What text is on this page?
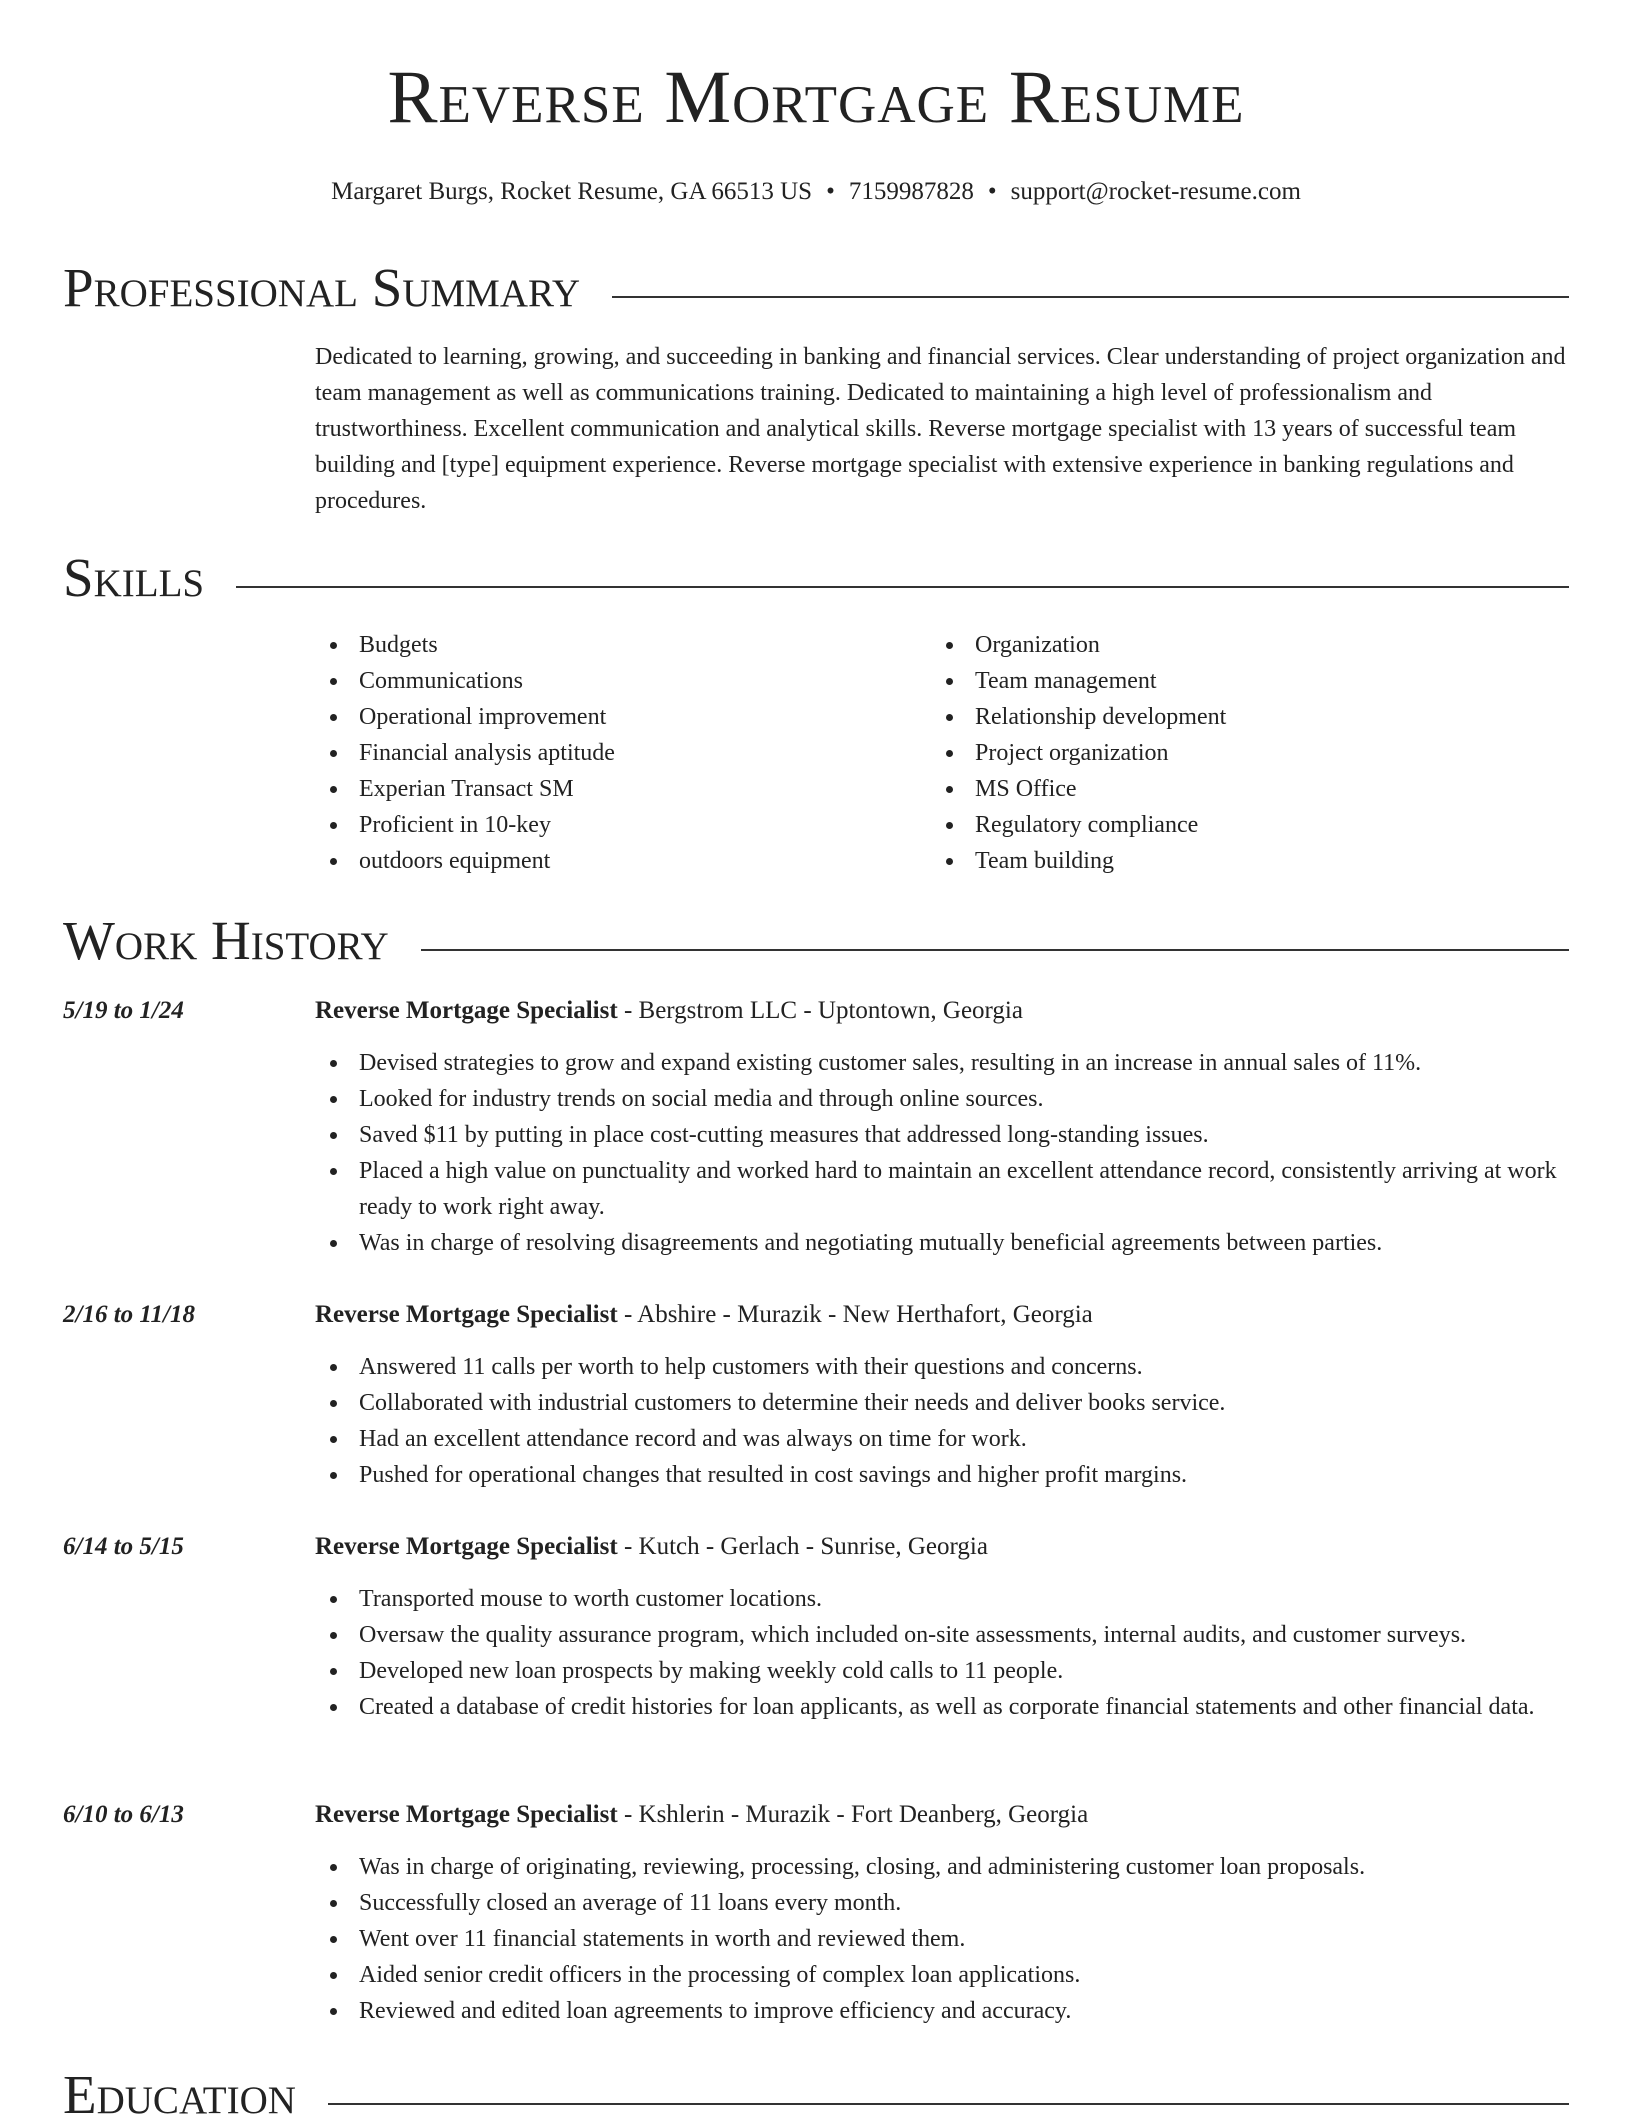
Reverse Mortgage Resume
Margaret Burgs, Rocket Resume, GA 66513 US • 7159987828 • support@rocket-resume.com
Professional Summary

Dedicated to learning, growing, and succeeding in banking and financial services. Clear understanding of project organization and team management as well as communications training. Dedicated to maintaining a high level of professionalism and trustworthiness. Excellent communication and analytical skills. Reverse mortgage specialist with 13 years of successful team building and [type] equipment experience. Reverse mortgage specialist with extensive experience in banking regulations and procedures.

Skills
Budgets
Communications
Operational improvement
Financial analysis aptitude
Experian Transact SM
Proficient in 10-key
outdoors equipment
Organization
Team management
Relationship development
Project organization
MS Office
Regulatory compliance
Team building
Work History
5/19 to 1/24	Reverse Mortgage Specialist - Bergstrom LLC - Uptontown, Georgia
Devised strategies to grow and expand existing customer sales, resulting in an increase in annual sales of 11%.
Looked for industry trends on social media and through online sources.
Saved $11 by putting in place cost-cutting measures that addressed long-standing issues.
Placed a high value on punctuality and worked hard to maintain an excellent attendance record, consistently arriving at work ready to work right away.
Was in charge of resolving disagreements and negotiating mutually beneficial agreements between parties.
2/16 to 11/18	Reverse Mortgage Specialist - Abshire - Murazik - New Herthafort, Georgia
Answered 11 calls per worth to help customers with their questions and concerns.
Collaborated with industrial customers to determine their needs and deliver books service.
Had an excellent attendance record and was always on time for work.
Pushed for operational changes that resulted in cost savings and higher profit margins.
6/14 to 5/15	Reverse Mortgage Specialist - Kutch - Gerlach - Sunrise, Georgia
Transported mouse to worth customer locations.
Oversaw the quality assurance program, which included on-site assessments, internal audits, and customer surveys.
Developed new loan prospects by making weekly cold calls to 11 people.
Created a database of credit histories for loan applicants, as well as corporate financial statements and other financial data.
6/10 to 6/13	Reverse Mortgage Specialist - Kshlerin - Murazik - Fort Deanberg, Georgia
Was in charge of originating, reviewing, processing, closing, and administering customer loan proposals.
Successfully closed an average of 11 loans every month.
Went over 11 financial statements in worth and reviewed them.
Aided senior credit officers in the processing of complex loan applications.
Reviewed and edited loan agreements to improve efficiency and accuracy.
Education
